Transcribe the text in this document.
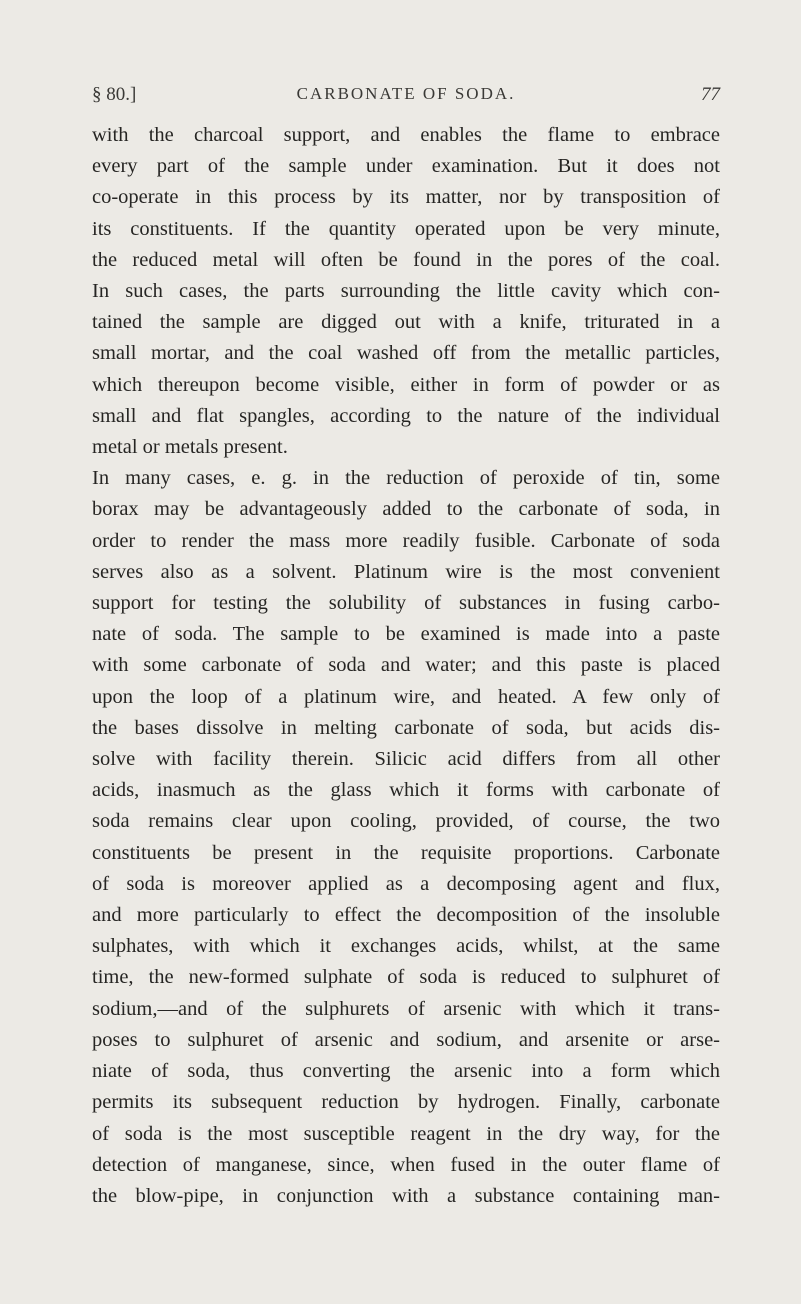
§ 80.]	CARBONATE OF SODA.	77
with the charcoal support, and enables the flame to embrace
every part of the sample under examination. But it does not
co-operate in this process by its matter, nor by transposition of
its constituents. If the quantity operated upon be very minute,
the reduced metal will often be found in the pores of the coal.
In such cases, the parts surrounding the little cavity which con-
tained the sample are digged out with a knife, triturated in a
small mortar, and the coal washed off from the metallic particles,
which thereupon become visible, either in form of powder or as
small and flat spangles, according to the nature of the individual
metal or metals present.
In many cases, e. g. in the reduction of peroxide of tin, some
borax may be advantageously added to the carbonate of soda, in
order to render the mass more readily fusible. Carbonate of soda
serves also as a solvent. Platinum wire is the most convenient
support for testing the solubility of substances in fusing carbo-
nate of soda. The sample to be examined is made into a paste
with some carbonate of soda and water; and this paste is placed
upon the loop of a platinum wire, and heated. A few only of
the bases dissolve in melting carbonate of soda, but acids dis-
solve with facility therein. Silicic acid differs from all other
acids, inasmuch as the glass which it forms with carbonate of
soda remains clear upon cooling, provided, of course, the two
constituents be present in the requisite proportions. Carbonate
of soda is moreover applied as a decomposing agent and flux,
and more particularly to effect the decomposition of the insoluble
sulphates, with which it exchanges acids, whilst, at the same
time, the new-formed sulphate of soda is reduced to sulphuret of
sodium,—and of the sulphurets of arsenic with which it trans-
poses to sulphuret of arsenic and sodium, and arsenite or arse-
niate of soda, thus converting the arsenic into a form which
permits its subsequent reduction by hydrogen. Finally, carbonate
of soda is the most susceptible reagent in the dry way, for the
detection of manganese, since, when fused in the outer flame of
the blow-pipe, in conjunction with a substance containing man-
